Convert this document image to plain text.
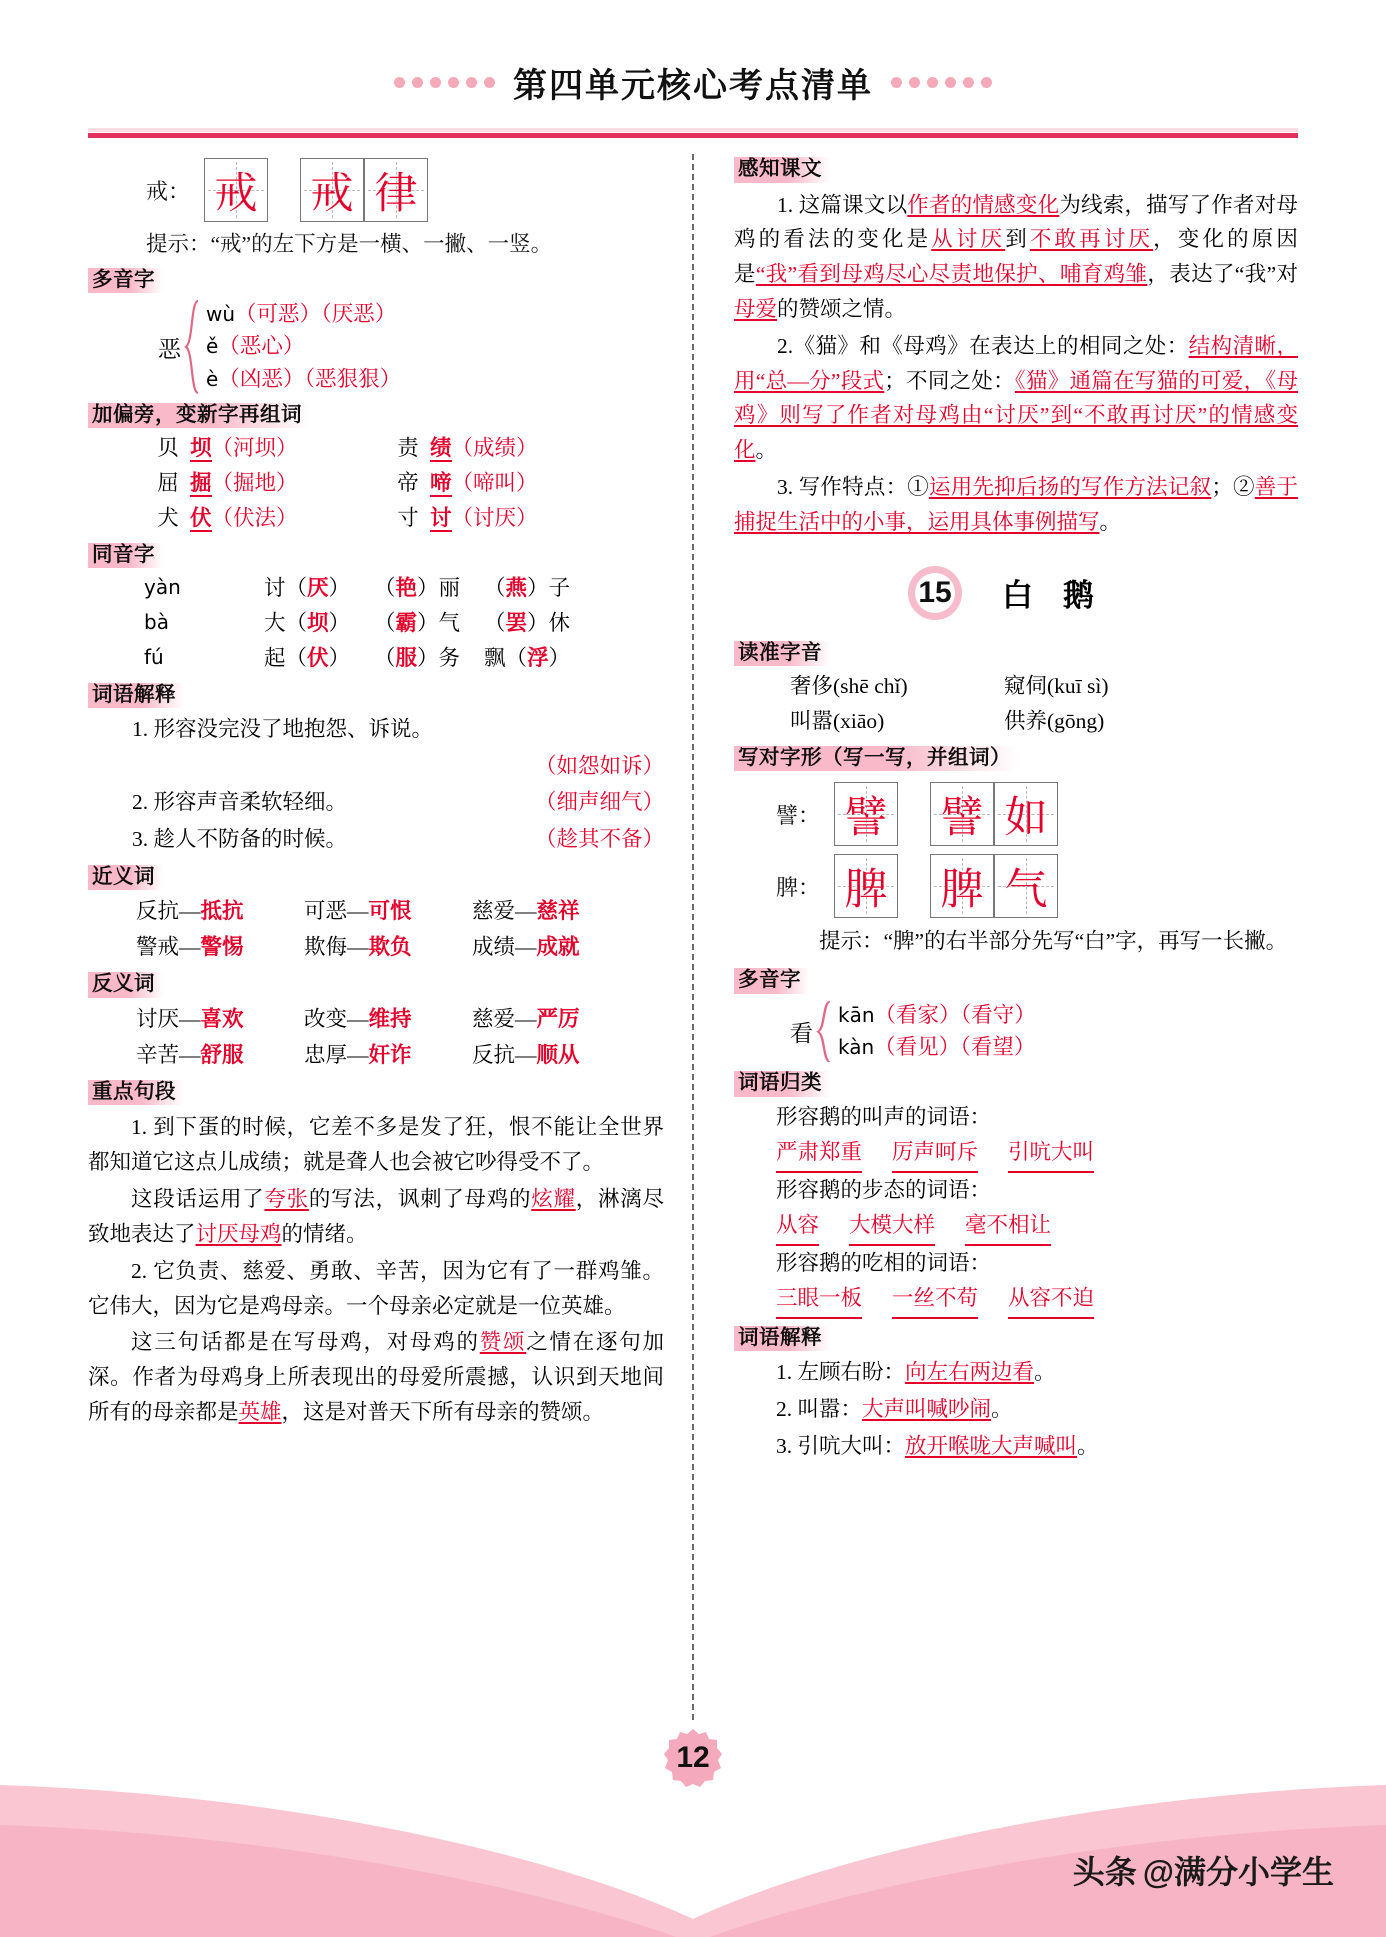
第四单元核心考点清单
戒： 戒 戒 律
提示：“戒”的左下方是一横、一撇、一竖。
多音字
恶
wù（可恶）（厌恶）
ě（恶心）
è（凶恶）（恶狠狠）
加偏旁，变新字再组词
贝 坝（河坝）	责 绩（成绩）
屈 掘（掘地）	帝 啼（啼叫）
犬 伏（伏法）	寸 讨（讨厌）
同音字
yàn	讨（厌）	（艳）丽	（燕）子
bà	大（坝）	（霸）气	（罢）休
fú	起（伏）	（服）务	飘（浮）
词语解释
1. 形容没完没了地抱怨、诉说。
（如怨如诉）
2. 形容声音柔软轻细。	（细声细气）
3. 趁人不防备的时候。	（趁其不备）
近义词
反抗—抵抗	可恶—可恨	慈爱—慈祥
警戒—警惕	欺侮—欺负	成绩—成就
反义词
讨厌—喜欢	改变—维持	慈爱—严厉
辛苦—舒服	忠厚—奸诈	反抗—顺从
重点句段
1. 到下蛋的时候，它差不多是发了狂，恨不能让全世界都知道它这点儿成绩；就是聋人也会被它吵得受不了。
这段话运用了夸张的写法，讽刺了母鸡的炫耀，淋漓尽致地表达了讨厌母鸡的情绪。
2. 它负责、慈爱、勇敢、辛苦，因为它有了一群鸡雏。它伟大，因为它是鸡母亲。一个母亲必定就是一位英雄。
这三句话都是在写母鸡，对母鸡的赞颂之情在逐句加深。作者为母鸡身上所表现出的母爱所震撼，认识到天地间所有的母亲都是英雄，这是对普天下所有母亲的赞颂。
感知课文
1. 这篇课文以作者的情感变化为线索，描写了作者对母鸡的看法的变化是从讨厌到不敢再讨厌，变化的原因是“我”看到母鸡尽心尽责地保护、哺育鸡雏，表达了“我”对母爱的赞颂之情。
2.《猫》和《母鸡》在表达上的相同之处：结构清晰，用“总—分”段式；不同之处：《猫》通篇在写猫的可爱，《母鸡》则写了作者对母鸡由“讨厌”到“不敢再讨厌”的情感变化。
3. 写作特点：①运用先抑后扬的写作方法记叙；②善于捕捉生活中的小事，运用具体事例描写。
15 白鹅
读准字音
奢侈(shē chǐ)	窥伺(kuī sì)
叫嚣(xiāo)	供养(gōng)
写对字形（写一写，并组词）
譬： 譬 譬 如
脾： 脾 脾 气
提示：“脾”的右半部分先写“白”字，再写一长撇。
多音字
看
kān（看家）（看守）
kàn（看见）（看望）
词语归类
形容鹅的叫声的词语：
严肃郑重 厉声呵斥 引吭大叫
形容鹅的步态的词语：
从容 大模大样 毫不相让
形容鹅的吃相的词语：
三眼一板 一丝不苟 从容不迫
词语解释
1. 左顾右盼：向左右两边看。
2. 叫嚣：大声叫喊吵闹。
3. 引吭大叫：放开喉咙大声喊叫。
12
头条 @满分小学生
